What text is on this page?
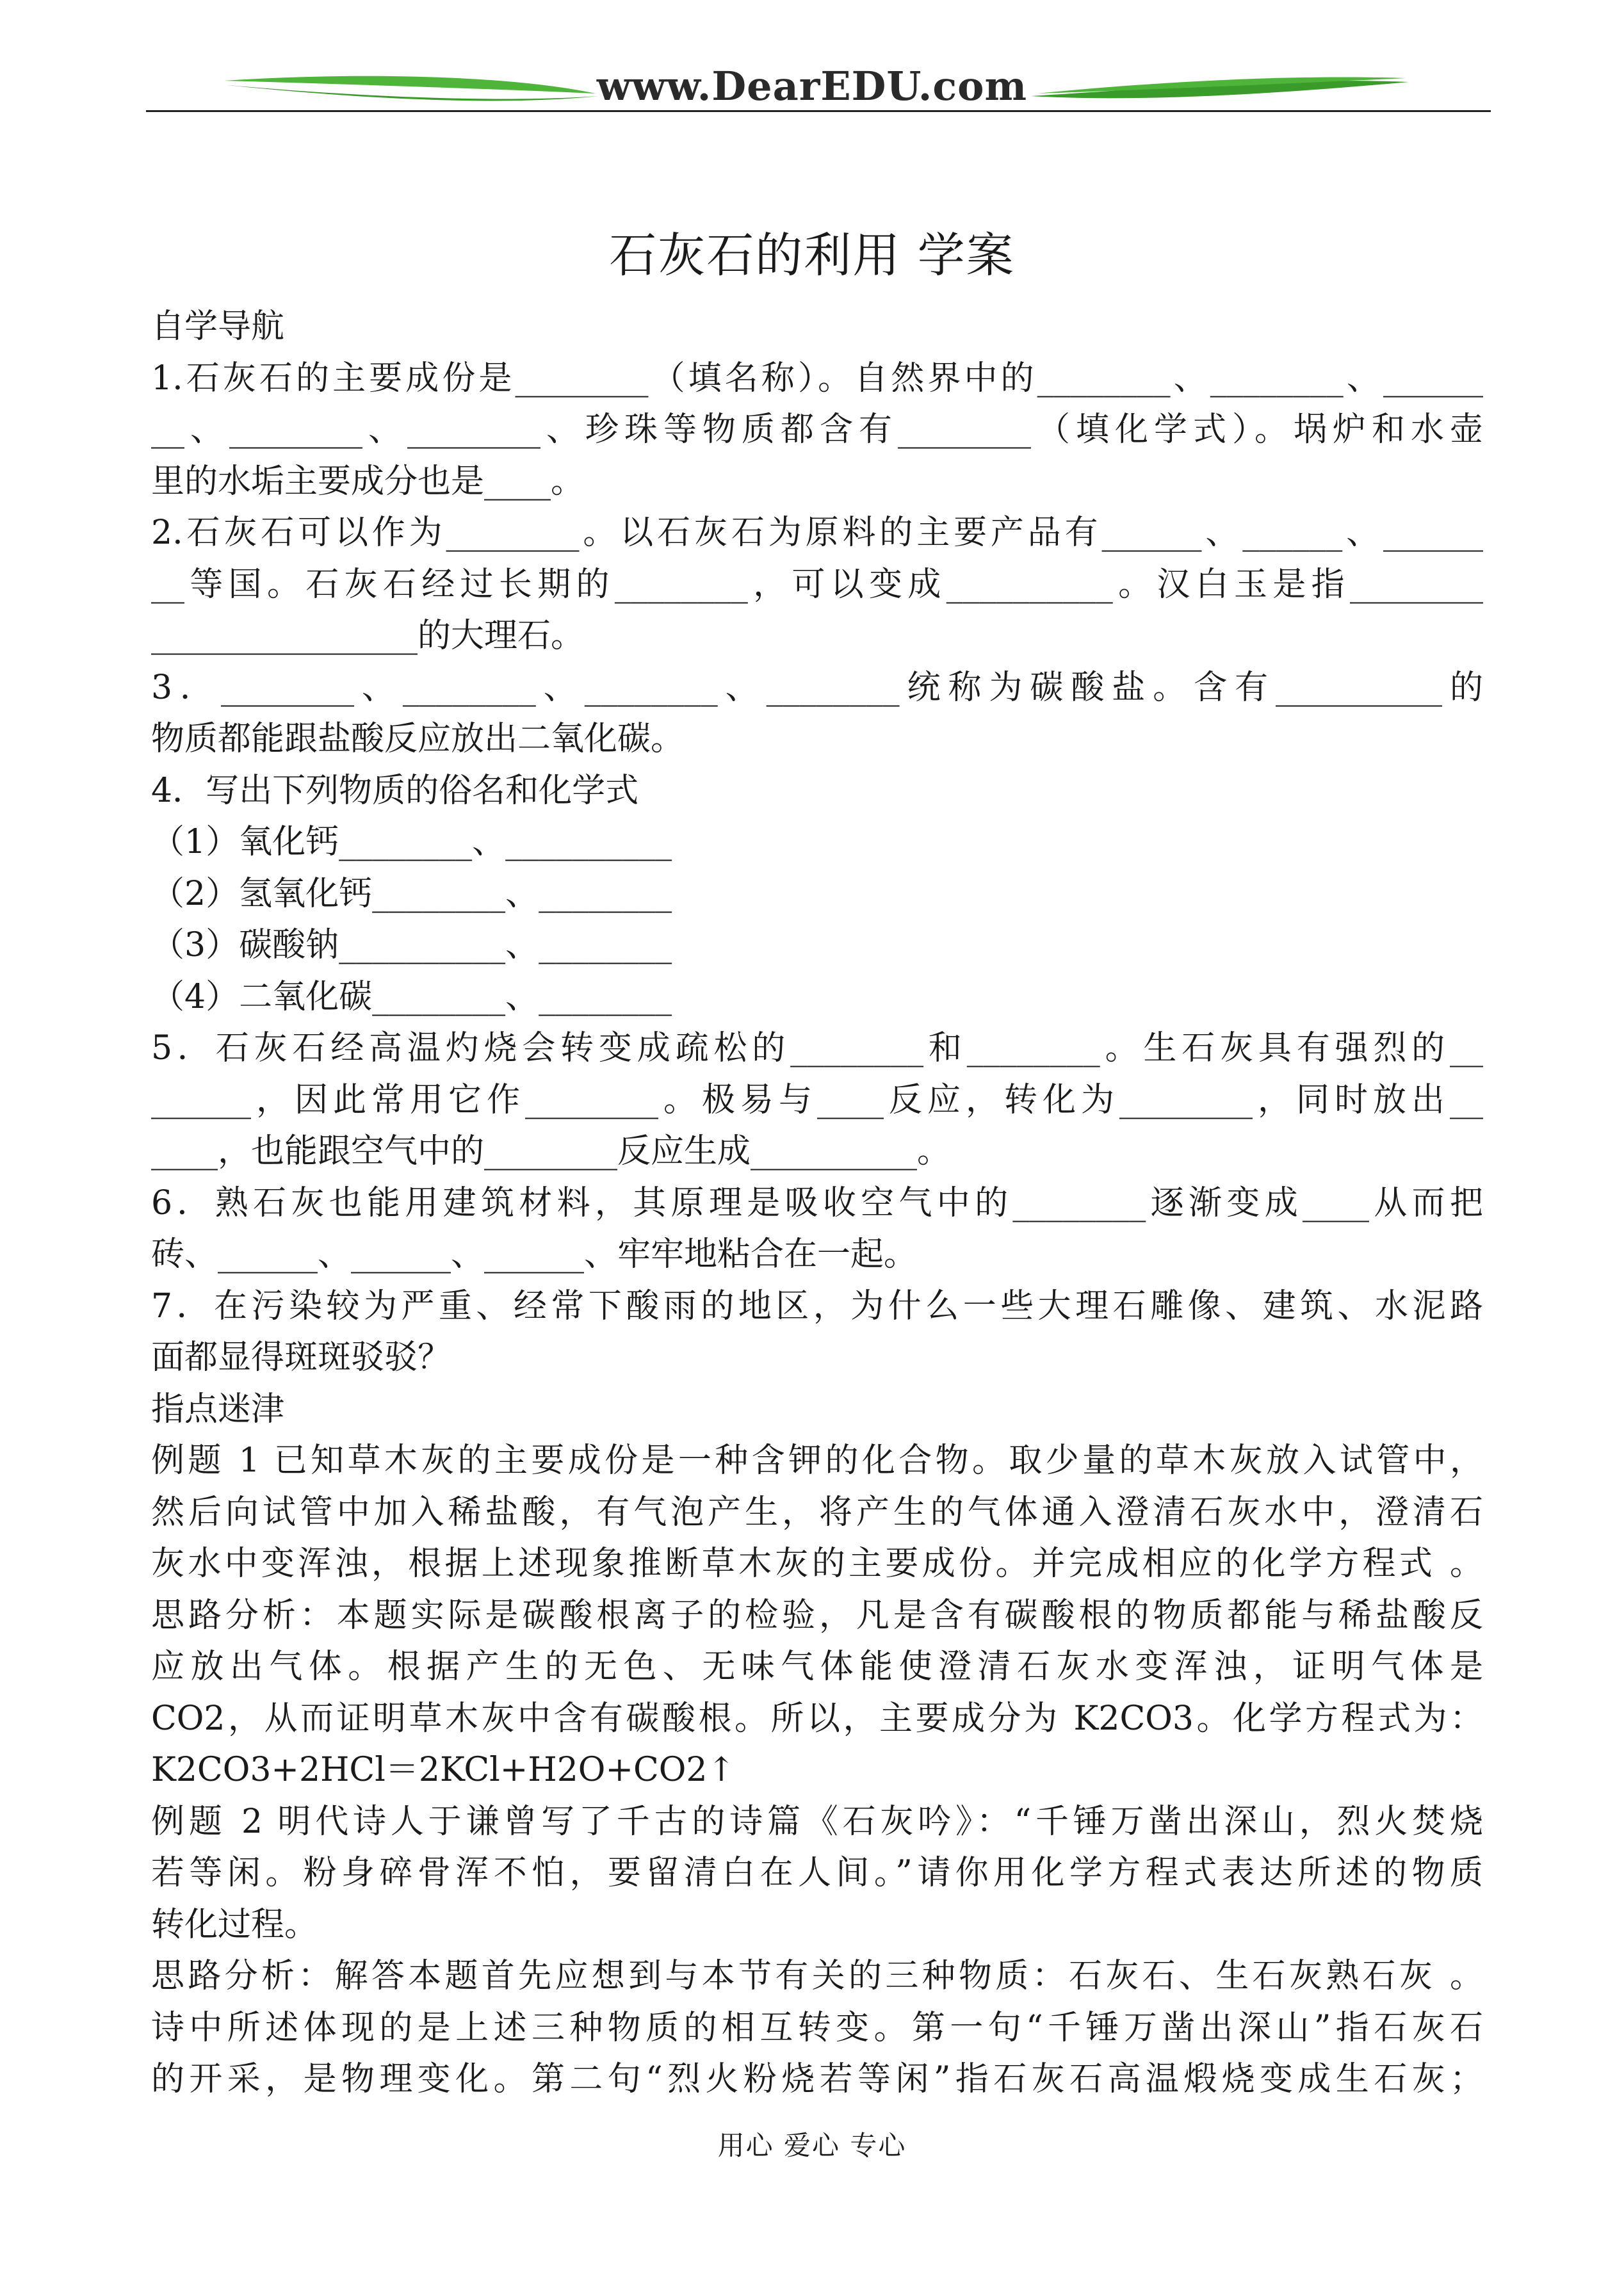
www.DearEDU.com
石灰石的利用 学案
自学导航
1.石灰石的主要成份是________（填名称）。自然界中的________、________、______
__、________、________、珍珠等物质都含有________（填化学式）。埚炉和水壶
里的水垢主要成分也是____。
2.石灰石可以作为________。以石灰石为原料的主要产品有______、______、______
__等国。石灰石经过长期的________，可以变成__________。汉白玉是指________
________________的大理石。
3．________、________、________、________统称为碳酸盐。含有__________的
物质都能跟盐酸反应放出二氧化碳。
4．写出下列物质的俗名和化学式
（1）氧化钙________、__________
（2）氢氧化钙________、________
（3）碳酸钠__________、________
（4）二氧化碳________、________
5．石灰石经高温灼烧会转变成疏松的________和________。生石灰具有强烈的__
______，因此常用它作________。极易与____反应，转化为________，同时放出__
____，也能跟空气中的________反应生成__________。
6．熟石灰也能用建筑材料，其原理是吸收空气中的________逐渐变成____从而把
砖、______、______、______、牢牢地粘合在一起。
7．在污染较为严重、经常下酸雨的地区，为什么一些大理石雕像、建筑、水泥路
面都显得斑斑驳驳？
指点迷津
例题 1 已知草木灰的主要成份是一种含钾的化合物。取少量的草木灰放入试管中，
然后向试管中加入稀盐酸，有气泡产生，将产生的气体通入澄清石灰水中，澄清石
灰水中变浑浊，根据上述现象推断草木灰的主要成份。并完成相应的化学方程式 。
思路分析：本题实际是碳酸根离子的检验，凡是含有碳酸根的物质都能与稀盐酸反
应放出气体。根据产生的无色、无味气体能使澄清石灰水变浑浊，证明气体是
CO2，从而证明草木灰中含有碳酸根。所以，主要成分为 K2CO3。化学方程式为：
K2CO3+2HCl＝2KCl+H2O+CO2↑
例题 2 明代诗人于谦曾写了千古的诗篇《石灰吟》：“千锤万凿出深山，烈火焚烧
若等闲。粉身碎骨浑不怕，要留清白在人间。”请你用化学方程式表达所述的物质
转化过程。
思路分析：解答本题首先应想到与本节有关的三种物质：石灰石、生石灰熟石灰 。
诗中所述体现的是上述三种物质的相互转变。第一句“千锤万凿出深山”指石灰石
的开采，是物理变化。第二句“烈火粉烧若等闲”指石灰石高温煅烧变成生石灰；
用心 爱心 专心
